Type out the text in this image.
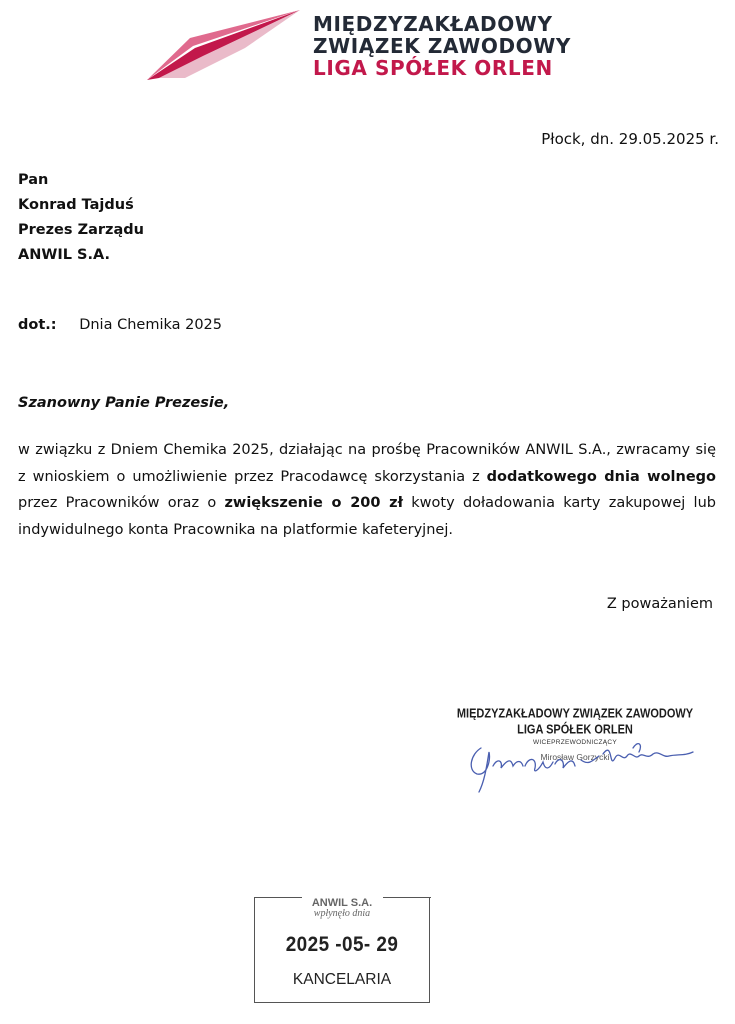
MIĘDZYZAKŁADOWY
ZWIĄZEK ZAWODOWY
LIGA SPÓŁEK ORLEN
Płock, dn. 29.05.2025 r.
Pan
Konrad Tajduś
Prezes Zarządu
ANWIL S.A.
dot.: Dnia Chemika 2025
Szanowny Panie Prezesie,
w związku z Dniem Chemika 2025, działając na prośbę Pracowników ANWIL S.A., zwracamy się z wnioskiem o umożliwienie przez Pracodawcę skorzystania z dodatkowego dnia wolnego przez Pracowników oraz o zwiększenie o 200 zł kwoty doładowania karty zakupowej lub indywidulnego konta Pracownika na platformie kafeteryjnej.
Z poważaniem
MIĘDZYZAKŁADOWY ZWIĄZEK ZAWODOWY
LIGA SPÓŁEK ORLEN
WICEPRZEWODNICZĄCY
Mirosław Gorzycki
ANWIL S.A.
wpłynęło dnia
2025 -05- 29
KANCELARIA
